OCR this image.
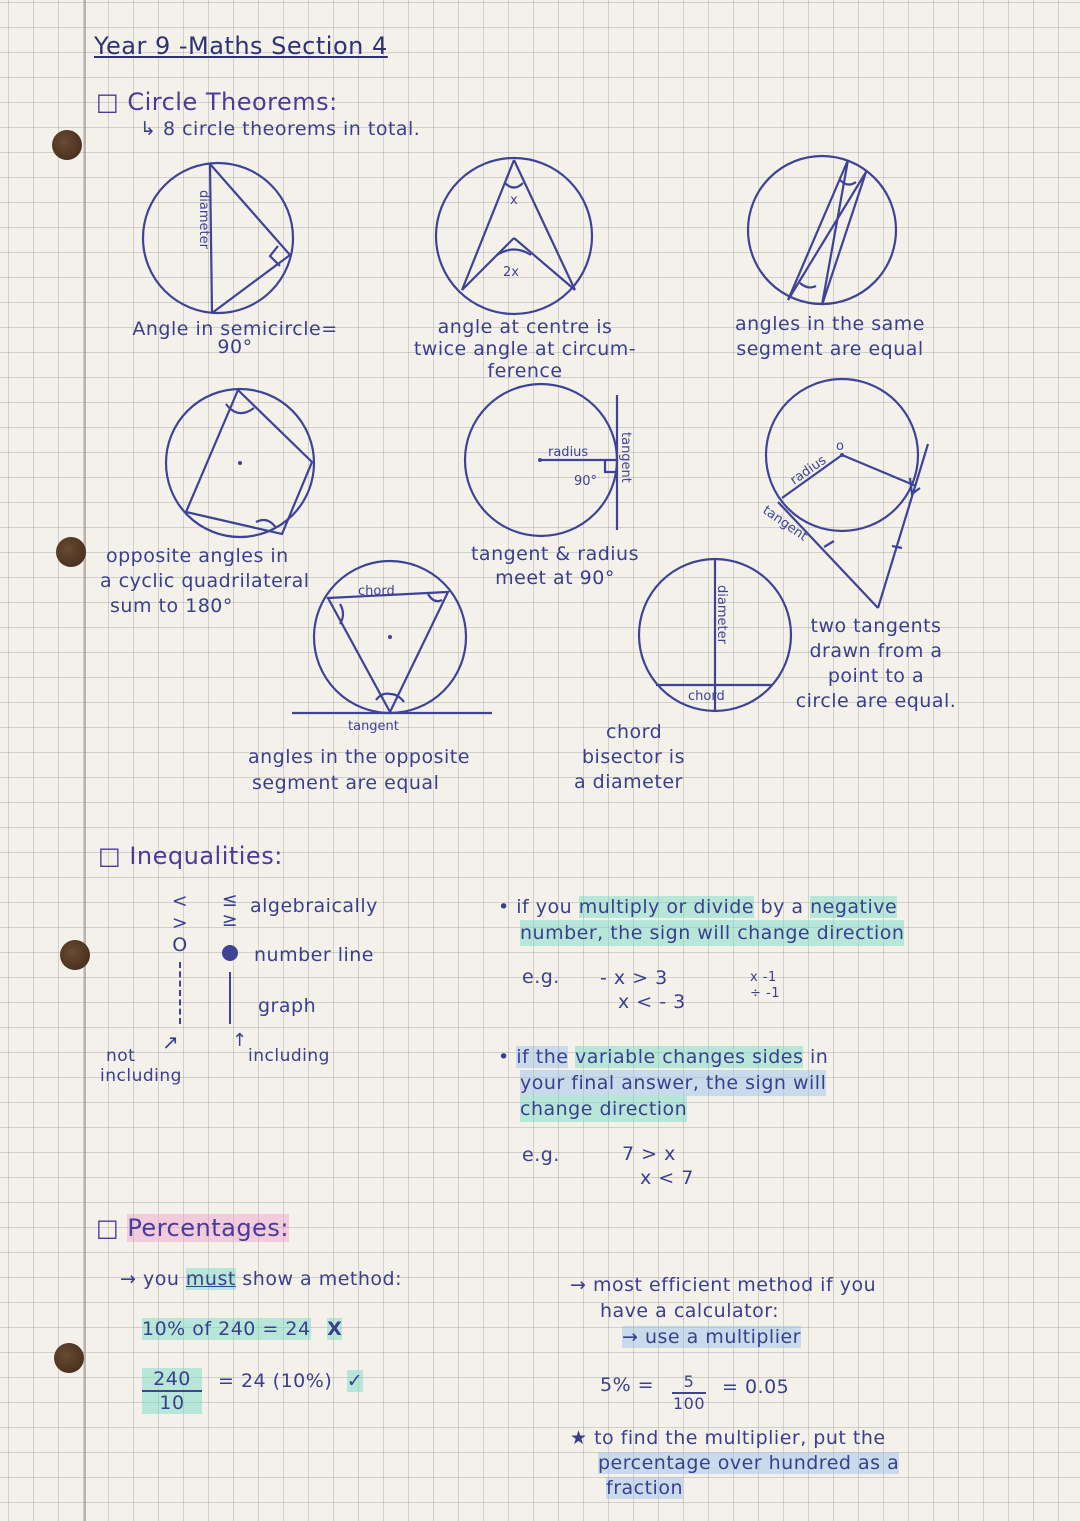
Year 9 -Maths Section 4
□ Circle Theorems:
↳ 8 circle theorems in total.
diameter	x
2x
radius
90° tangent	o
radius
tangent
chord
tangent
diameter
chord
Angle in semicircle=
90°
angle at centre is
twice angle at circum-
ference
angles in the same
segment are equal
opposite angles in
a cyclic quadrilateral
sum to 180°
tangent & radius
meet at 90°
two tangents
drawn from a
point to a
circle are equal.
angles in the opposite
segment are equal
chord
bisector is
a diameter
□ Inequalities:
<
>
O
≤
≥
algebraically
number line
graph
↗	↑
not
including
including
• if you multiply or divide by a negative
number, the sign will change direction
e.g. - x > 3
x < - 3
x -1
÷ -1
• if the variable changes sides in
your final answer, the sign will
change direction
e.g.	7 > x
x < 7
□ Percentages:
→ you must show a method:
10% of 240 = 24 X
$\frac{240}{10} = 24$ (10%) ✓
→ most efficient method if you
have a calculator:
→ use a multiplier
$5\% = \frac{5}{100} = 0.05$
★ to find the multiplier, put the
percentage over hundred as a
fraction
